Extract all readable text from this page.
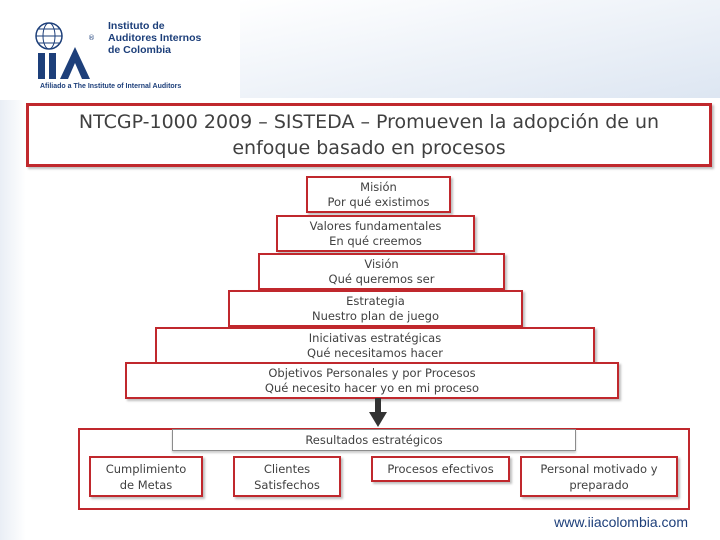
®
Instituto de
Auditores Internos
de Colombia
Afiliado a The Institute of Internal Auditors
NTCGP-1000 2009 – SISTEDA – Promueven la adopción de un enfoque basado en procesos
Misión
Por qué existimos
Valores fundamentales
En qué creemos
Visión
Qué queremos ser
Estrategia
Nuestro plan de juego
Iniciativas estratégicas
Qué necesitamos hacer
Objetivos Personales y por Procesos
Qué necesito hacer yo en mi proceso
Resultados estratégicos
Cumplimiento
de Metas
Clientes
Satisfechos
Procesos efectivos	Personal motivado y
preparado
www.iiacolombia.com
